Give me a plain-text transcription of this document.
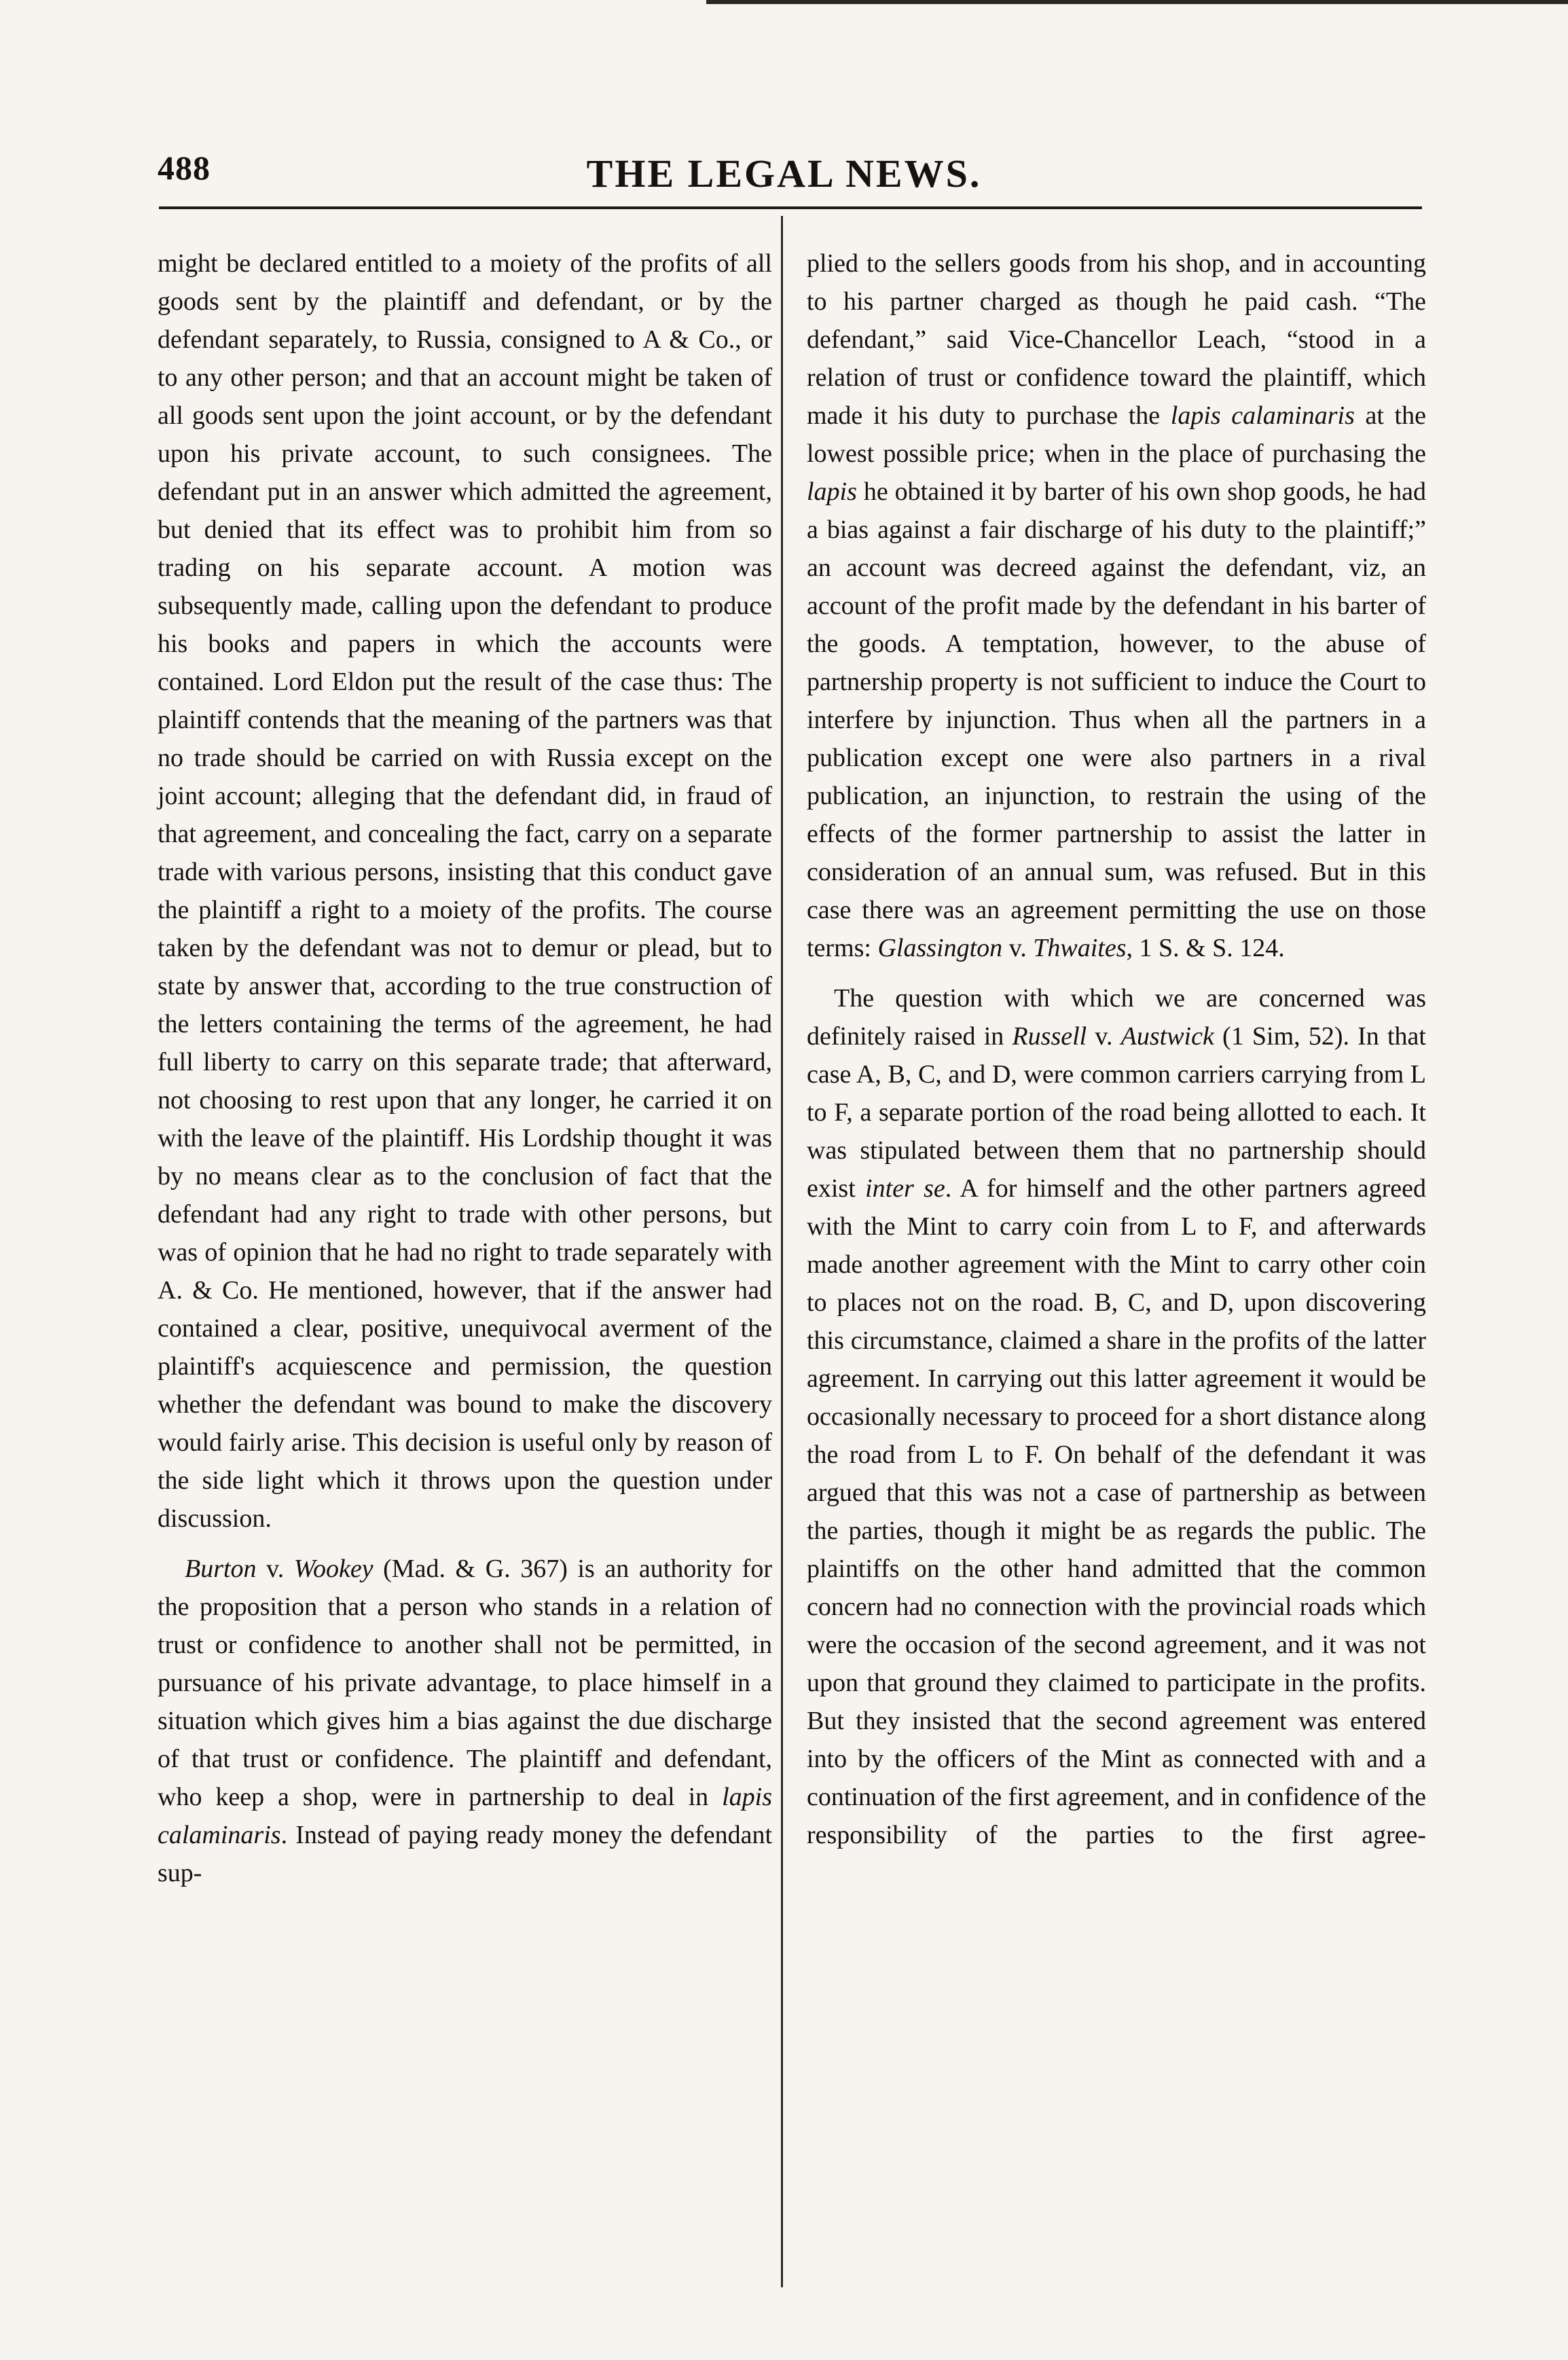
488	THE LEGAL NEWS.

might be declared entitled to a moiety of the profits of all goods sent by the plaintiff and defendant, or by the defendant separately, to Russia, consigned to A & Co., or to any other person; and that an account might be taken of all goods sent upon the joint account, or by the defendant upon his private account, to such consignees. The defendant put in an answer which admitted the agreement, but denied that its effect was to prohibit him from so trading on his separate account. A motion was subsequently made, calling upon the defendant to produce his books and papers in which the accounts were contained. Lord Eldon put the result of the case thus: The plaintiff contends that the meaning of the partners was that no trade should be carried on with Russia except on the joint account; alleging that the defendant did, in fraud of that agreement, and concealing the fact, carry on a separate trade with various persons, insisting that this conduct gave the plaintiff a right to a moiety of the profits. The course taken by the defendant was not to demur or plead, but to state by answer that, according to the true construction of the letters containing the terms of the agreement, he had full liberty to carry on this separate trade; that afterward, not choosing to rest upon that any longer, he carried it on with the leave of the plaintiff. His Lordship thought it was by no means clear as to the conclusion of fact that the defendant had any right to trade with other persons, but was of opinion that he had no right to trade separately with A. & Co. He mentioned, however, that if the answer had contained a clear, positive, unequivocal averment of the plaintiff's acquiescence and permission, the question whether the defendant was bound to make the discovery would fairly arise. This decision is useful only by reason of the side light which it throws upon the question under discussion.

Burton v. Wookey (Mad. & G. 367) is an authority for the proposition that a person who stands in a relation of trust or confidence to another shall not be permitted, in pursuance of his private advantage, to place himself in a situation which gives him a bias against the due discharge of that trust or confidence. The plaintiff and defendant, who keep a shop, were in partnership to deal in lapis calaminaris. Instead of paying ready money the defendant sup-

plied to the sellers goods from his shop, and in accounting to his partner charged as though he paid cash. “The defendant,” said Vice-Chancellor Leach, “stood in a relation of trust or confidence toward the plaintiff, which made it his duty to purchase the lapis calaminaris at the lowest possible price; when in the place of purchasing the lapis he obtained it by barter of his own shop goods, he had a bias against a fair discharge of his duty to the plaintiff;” an account was decreed against the defendant, viz, an account of the profit made by the defendant in his barter of the goods. A temptation, however, to the abuse of partnership property is not sufficient to induce the Court to interfere by injunction. Thus when all the partners in a publication except one were also partners in a rival publication, an injunction, to restrain the using of the effects of the former partnership to assist the latter in consideration of an annual sum, was refused. But in this case there was an agreement permitting the use on those terms: Glassington v. Thwaites, 1 S. & S. 124.

The question with which we are concerned was definitely raised in Russell v. Austwick (1 Sim, 52). In that case A, B, C, and D, were common carriers carrying from L to F, a separate portion of the road being allotted to each. It was stipulated between them that no partnership should exist inter se. A for himself and the other partners agreed with the Mint to carry coin from L to F, and afterwards made another agreement with the Mint to carry other coin to places not on the road. B, C, and D, upon discovering this circumstance, claimed a share in the profits of the latter agreement. In carrying out this latter agreement it would be occasionally necessary to proceed for a short distance along the road from L to F. On behalf of the defendant it was argued that this was not a case of partnership as between the parties, though it might be as regards the public. The plaintiffs on the other hand admitted that the common concern had no connection with the provincial roads which were the occasion of the second agreement, and it was not upon that ground they claimed to participate in the profits. But they insisted that the second agreement was entered into by the officers of the Mint as connected with and a continuation of the first agreement, and in confidence of the responsibility of the parties to the first agree-
